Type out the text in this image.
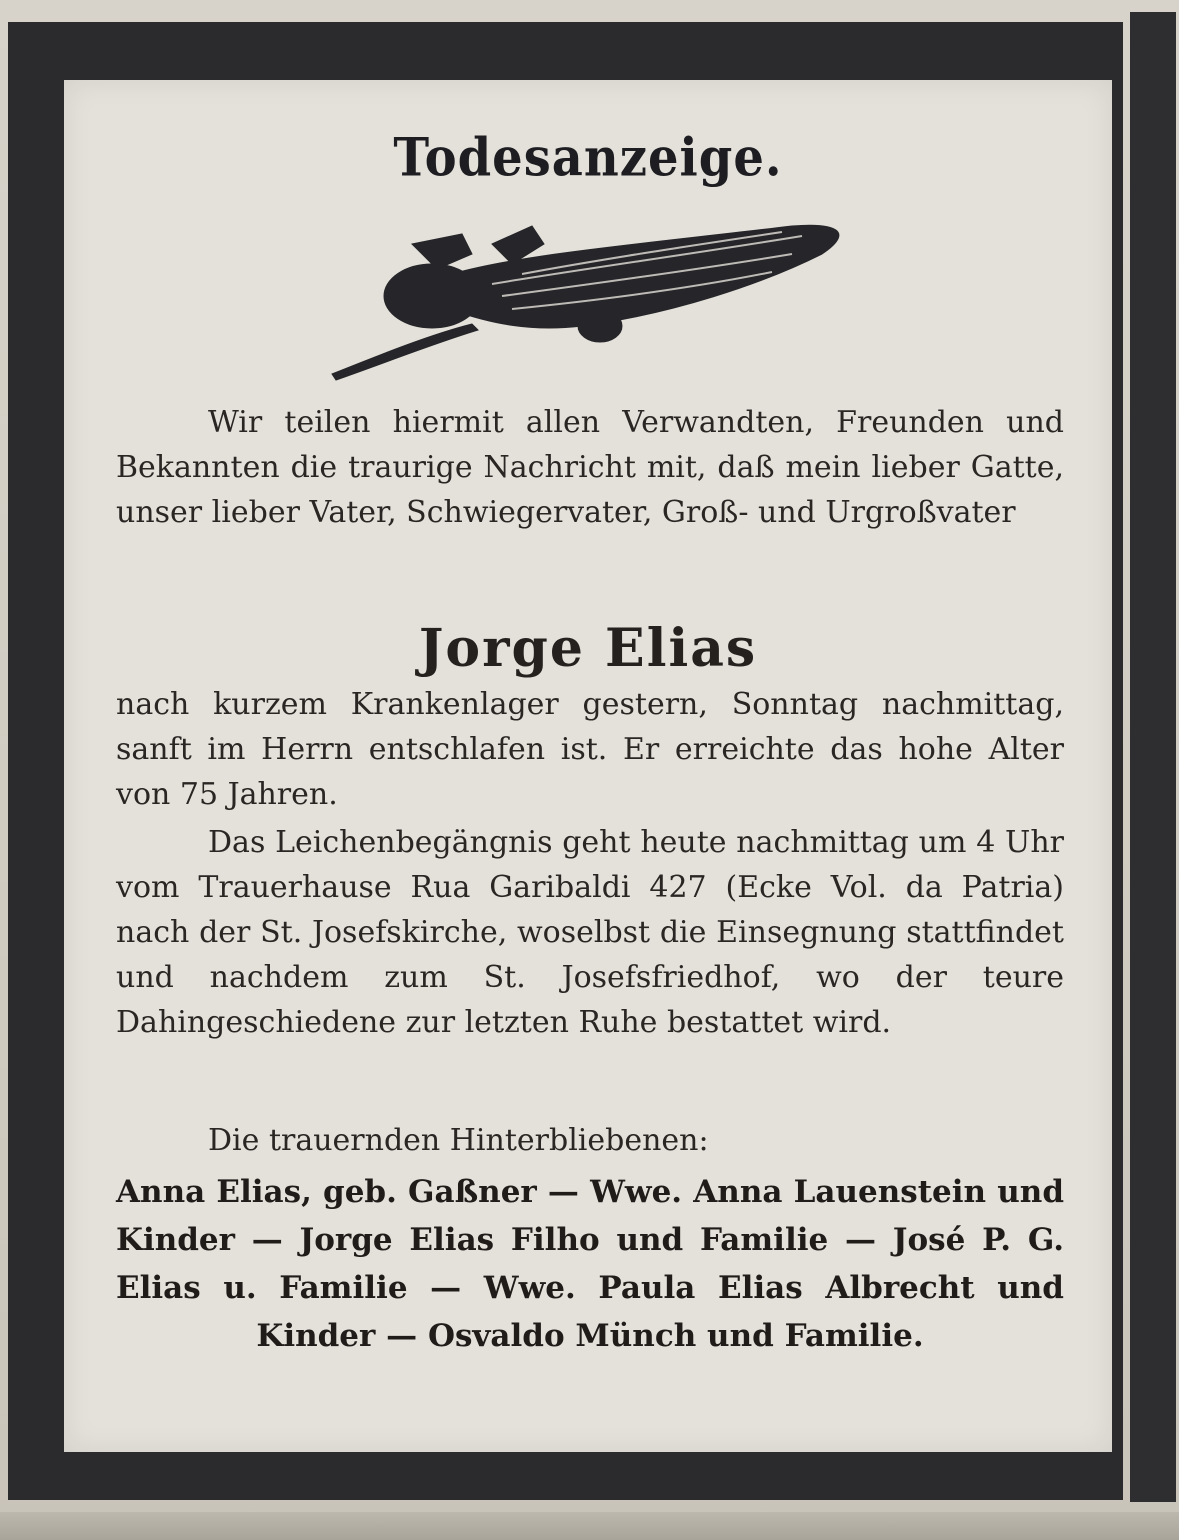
Todesanzeige.
Wir teilen hiermit allen Verwandten, Freunden und Bekannten die traurige Nachricht mit, daß mein lieber Gatte, unser lieber Vater, Schwiegervater, Groß- und Urgroßvater
Jorge Elias
nach kurzem Krankenlager gestern, Sonntag nachmittag, sanft im Herrn entschlafen ist. Er erreichte das hohe Alter von 75 Jahren.
Das Leichenbegängnis geht heute nachmittag um 4 Uhr vom Trauerhause Rua Garibaldi 427 (Ecke Vol. da Patria) nach der St. Josefskirche, woselbst die Einsegnung stattfindet und nachdem zum St. Josefsfriedhof, wo der teure Dahingeschiedene zur letzten Ruhe bestattet wird.
Die trauernden Hinterbliebenen:
Anna Elias, geb. Gaßner — Wwe. Anna Lauenstein und Kinder — Jorge Elias Filho und Familie — José P. G. Elias u. Familie — Wwe. Paula Elias Albrecht und Kinder — Osvaldo Münch und Familie.
